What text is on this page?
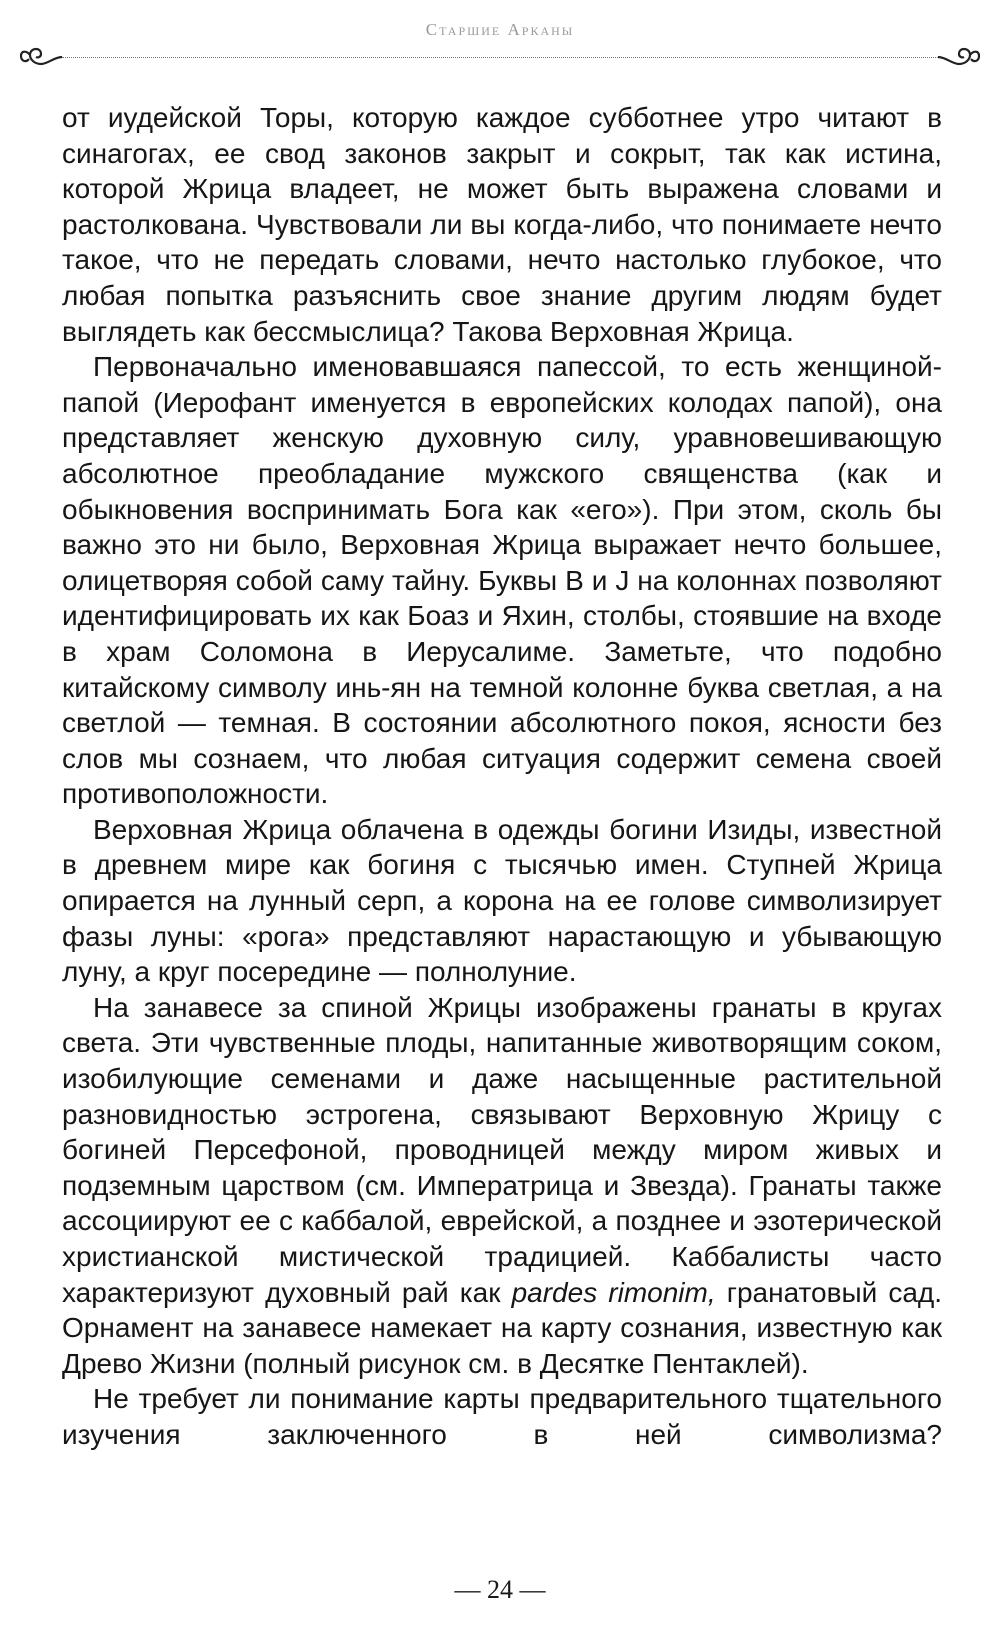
Старшие Арканы

от иудейской Торы, которую каждое субботнее утро читают в синагогах, ее свод законов закрыт и сокрыт, так как истина, которой Жрица владеет, не может быть выражена словами и растолкована. Чувствовали ли вы когда-либо, что понимаете нечто такое, что не передать словами, нечто настолько глубокое, что любая попытка разъяснить свое знание другим людям будет выглядеть как бессмыслица? Такова Верховная Жрица.

Первоначально именовавшаяся папессой, то есть женщиной-папой (Иерофант именуется в европейских колодах папой), она представляет женскую духовную силу, уравновешивающую абсолютное преобладание мужского священства (как и обыкновения воспринимать Бога как «его»). При этом, сколь бы важно это ни было, Верховная Жрица выражает нечто большее, олицетворяя собой саму тайну. Буквы B и J на колоннах позволяют идентифицировать их как Боаз и Яхин, столбы, стоявшие на входе в храм Соломона в Иерусалиме. Заметьте, что подобно китайскому символу инь-ян на темной колонне буква светлая, а на светлой — темная. В состоянии абсолютного покоя, ясности без слов мы сознаем, что любая ситуация содержит семена своей противоположности.

Верховная Жрица облачена в одежды богини Изиды, известной в древнем мире как богиня с тысячью имен. Ступней Жрица опирается на лунный серп, а корона на ее голове символизирует фазы луны: «рога» представляют нарастающую и убывающую луну, а круг посередине — полнолуние.

На занавесе за спиной Жрицы изображены гранаты в кругах света. Эти чувственные плоды, напитанные животворящим соком, изобилующие семенами и даже насыщенные растительной разновидностью эстрогена, связывают Верховную Жрицу с богиней Персефоной, проводницей между миром живых и подземным царством (см. Императрица и Звезда). Гранаты также ассоциируют ее с каббалой, еврейской, а позднее и эзотерической христианской мистической традицией. Каббалисты часто характеризуют духовный рай как pardes rimonim, гранатовый сад. Орнамент на занавесе намекает на карту сознания, известную как Древо Жизни (полный рисунок см. в Десятке Пентаклей).

Не требует ли понимание карты предварительного тщательного изучения заключенного в ней символизма?

— 24 —
